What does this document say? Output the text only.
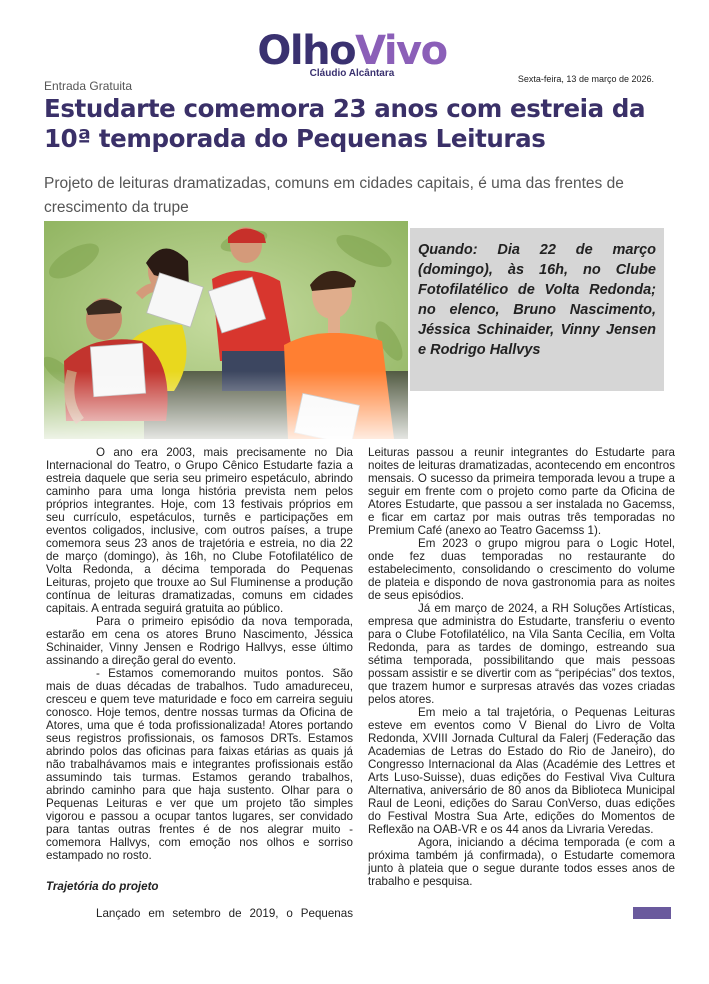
OlhoVivo
Cláudio Alcântara
Entrada Gratuita	Sexta-feira, 13 de março de 2026.
Estudarte comemora 23 anos com estreia da 10ª temporada do Pequenas Leituras

Projeto de leituras dramatizadas, comuns em cidades capitais, é uma das frentes de crescimento da trupe

Quando: Dia 22 de março (domingo), às 16h, no Clube Fotofilatélico de Volta Redonda; no elenco, Bruno Nascimento, Jéssica Schinaider, Vinny Jensen e Rodrigo Hallvys

O ano era 2003, mais precisamente no Dia Internacional do Teatro, o Grupo Cênico Estudarte fazia a estreia daquele que seria seu primeiro espetáculo, abrindo caminho para uma longa história prevista nem pelos próprios integrantes. Hoje, com 13 festivais próprios em seu currículo, espetáculos, turnês e participações em eventos coligados, inclusive, com outros países, a trupe comemora seus 23 anos de trajetória e estreia, no dia 22 de março (domingo), às 16h, no Clube Fotofilatélico de Volta Redonda, a décima temporada do Pequenas Leituras, projeto que trouxe ao Sul Fluminense a produção contínua de leituras dramatizadas, comuns em cidades capitais. A entrada seguirá gratuita ao público.

Para o primeiro episódio da nova temporada, estarão em cena os atores Bruno Nascimento, Jéssica Schinaider, Vinny Jensen e Rodrigo Hallvys, esse último assinando a direção geral do evento.

- Estamos comemorando muitos pontos. São mais de duas décadas de trabalhos. Tudo amadureceu, cresceu e quem teve maturidade e foco em carreira seguiu conosco. Hoje temos, dentre nossas turmas da Oficina de Atores, uma que é toda profissionalizada! Atores portando seus registros profissionais, os famosos DRTs. Estamos abrindo polos das oficinas para faixas etárias as quais já não trabalhávamos mais e integrantes profissionais estão assumindo tais turmas. Estamos gerando trabalhos, abrindo caminho para que haja sustento. Olhar para o Pequenas Leituras e ver que um projeto tão simples vigorou e passou a ocupar tantos lugares, ser convidado para tantas outras frentes é de nos alegrar muito - comemora Hallvys, com emoção nos olhos e sorriso estampado no rosto.

Trajetória do projeto

Lançado em setembro de 2019, o Pequenas

Leituras passou a reunir integrantes do Estudarte para noites de leituras dramatizadas, acontecendo em encontros mensais. O sucesso da primeira temporada levou a trupe a seguir em frente com o projeto como parte da Oficina de Atores Estudarte, que passou a ser instalada no Gacemss, e ficar em cartaz por mais outras três temporadas no Premium Café (anexo ao Teatro Gacemss 1).

Em 2023 o grupo migrou para o Logic Hotel, onde fez duas temporadas no restaurante do estabelecimento, consolidando o crescimento do volume de plateia e dispondo de nova gastronomia para as noites de seus episódios.

Já em março de 2024, a RH Soluções Artísticas, empresa que administra do Estudarte, transferiu o evento para o Clube Fotofilatélico, na Vila Santa Cecília, em Volta Redonda, para as tardes de domingo, estreando sua sétima temporada, possibilitando que mais pessoas possam assistir e se divertir com as “peripécias” dos textos, que trazem humor e surpresas através das vozes criadas pelos atores.

Em meio a tal trajetória, o Pequenas Leituras esteve em eventos como V Bienal do Livro de Volta Redonda, XVIII Jornada Cultural da Falerj (Federação das Academias de Letras do Estado do Rio de Janeiro), do Congresso Internacional da Alas (Académie des Lettres et Arts Luso-Suisse), duas edições do Festival Viva Cultura Alternativa, aniversário de 80 anos da Biblioteca Municipal Raul de Leoni, edições do Sarau ConVerso, duas edições do Festival Mostra Sua Arte, edições do Momentos de Reflexão na OAB-VR e os 44 anos da Livraria Veredas.

Agora, iniciando a décima temporada (e com a próxima também já confirmada), o Estudarte comemora junto à plateia que o segue durante todos esses anos de trabalho e pesquisa.
